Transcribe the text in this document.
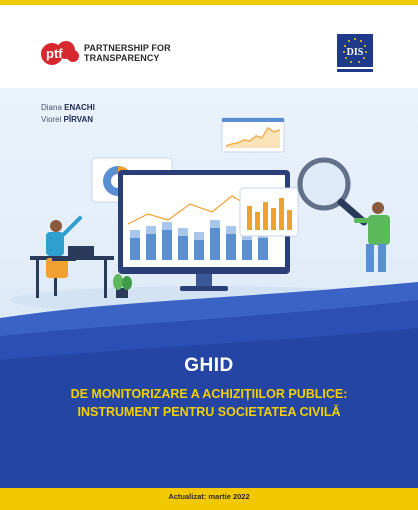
ptf PARTNERSHIP FOR
TRANSPARENCY	DIS
Diana ENACHI
Viorel PÎRVAN
GHID
DE MONITORIZARE A ACHIZIȚIILOR PUBLICE:
INSTRUMENT PENTRU SOCIETATEA CIVILĂ
Actualizat: martie 2022
